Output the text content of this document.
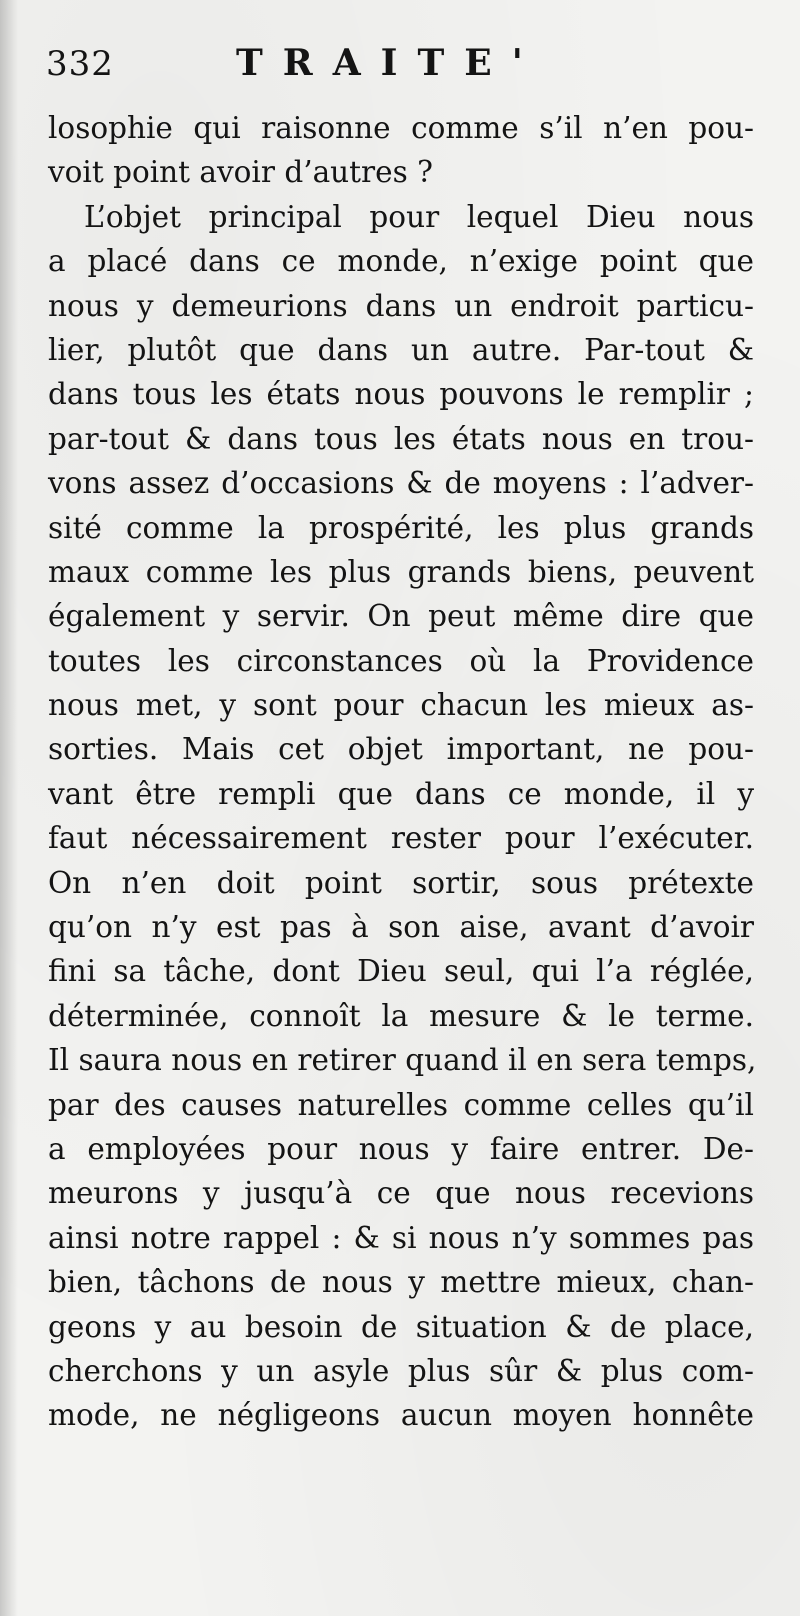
332	TRAITE'
losophie qui raisonne comme s’il n’en pou-
voit point avoir d’autres ?
L’objet principal pour lequel Dieu nous
a placé dans ce monde, n’exige point que
nous y demeurions dans un endroit particu-
lier, plutôt que dans un autre. Par-tout &
dans tous les états nous pouvons le remplir ;
par-tout & dans tous les états nous en trou-
vons assez d’occasions & de moyens : l’adver-
sité comme la prospérité, les plus grands
maux comme les plus grands biens, peuvent
également y servir. On peut même dire que
toutes les circonstances où la Providence
nous met, y sont pour chacun les mieux as-
sorties. Mais cet objet important, ne pou-
vant être rempli que dans ce monde, il y
faut nécessairement rester pour l’exécuter.
On n’en doit point sortir, sous prétexte
qu’on n’y est pas à son aise, avant d’avoir
fini sa tâche, dont Dieu seul, qui l’a réglée,
déterminée, connoît la mesure & le terme.
Il saura nous en retirer quand il en sera temps,
par des causes naturelles comme celles qu’il
a employées pour nous y faire entrer. De-
meurons y jusqu’à ce que nous recevions
ainsi notre rappel : & si nous n’y sommes pas
bien, tâchons de nous y mettre mieux, chan-
geons y au besoin de situation & de place,
cherchons y un asyle plus sûr & plus com-
mode, ne négligeons aucun moyen honnête
